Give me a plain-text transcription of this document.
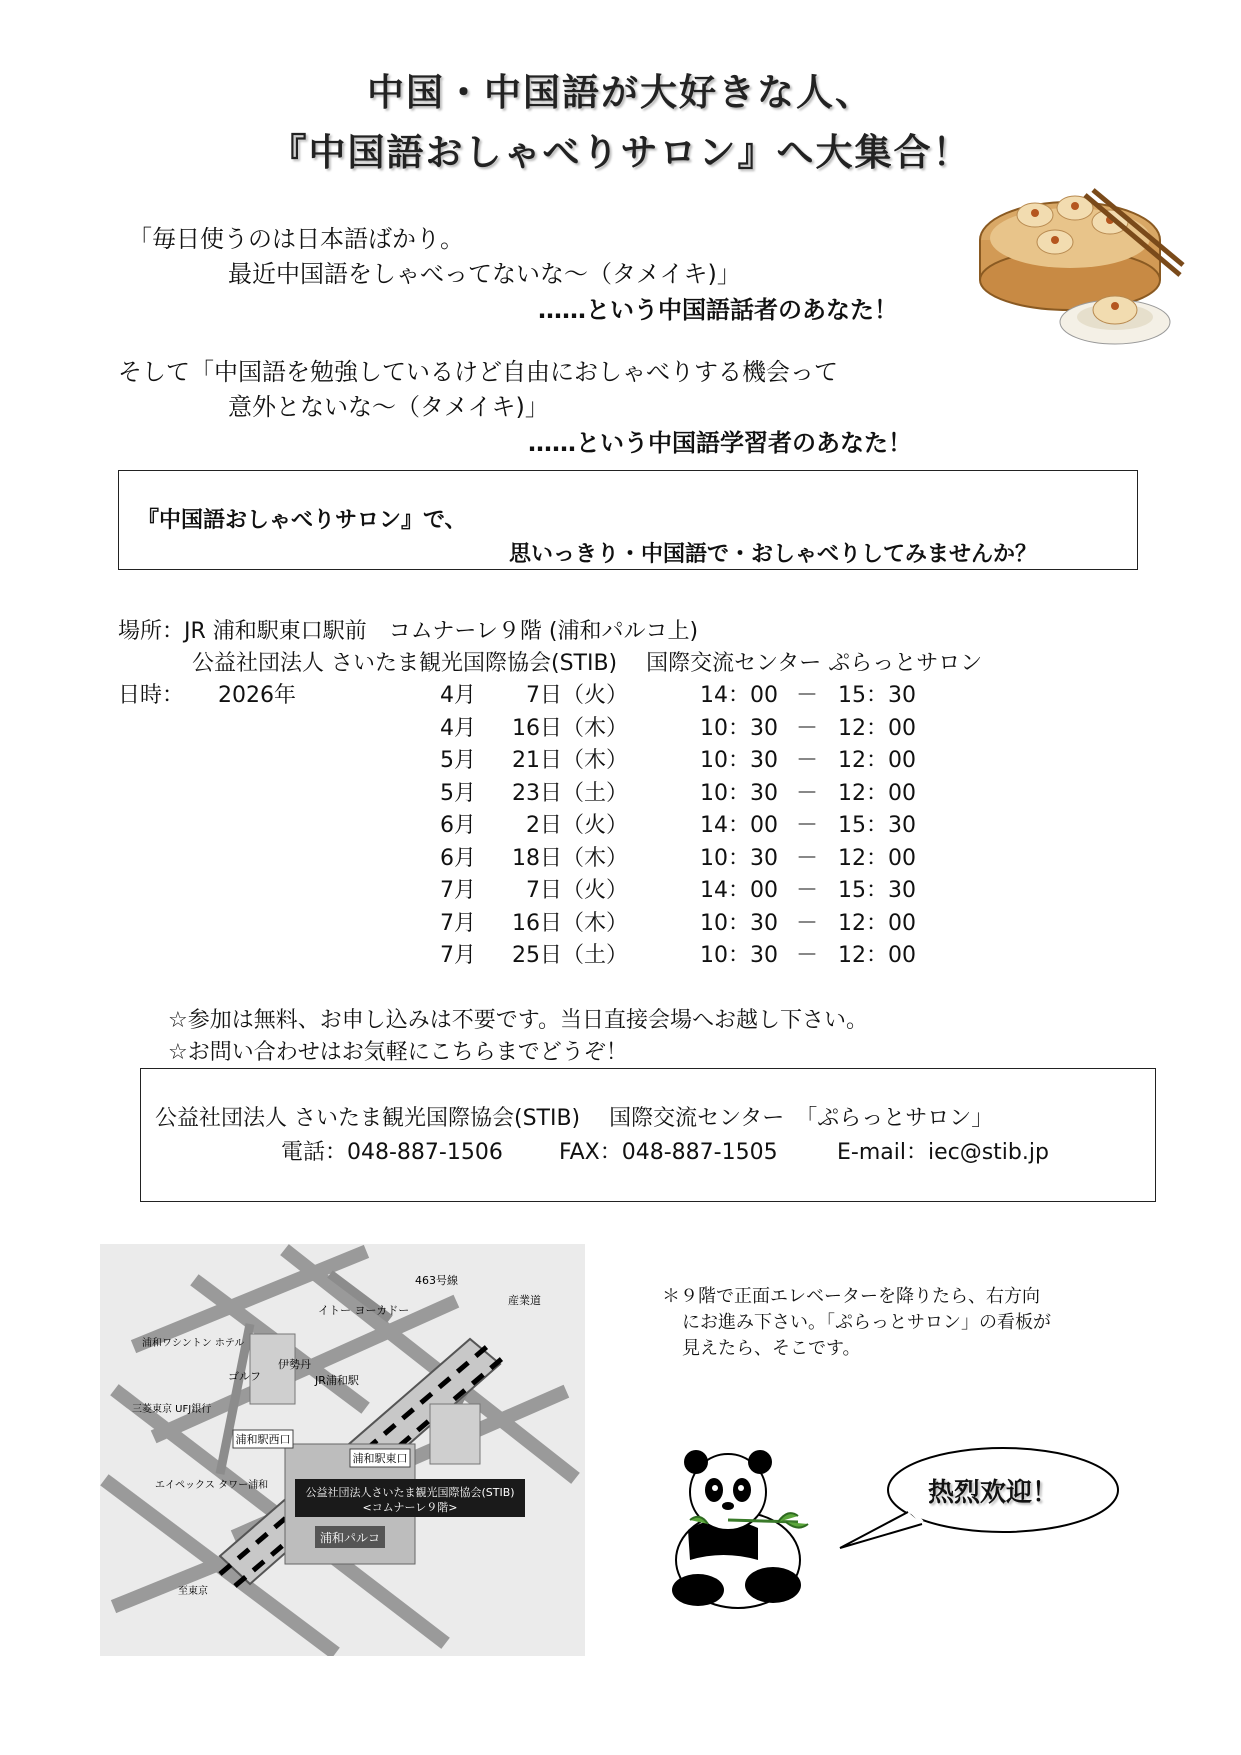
中国・中国語が大好きな人、
『中国語おしゃべりサロン』へ大集合！
「毎日使うのは日本語ばかり。
最近中国語をしゃべってないな～（タメイキ)」
……という中国語話者のあなた！
そして「中国語を勉強しているけど自由におしゃべりする機会って
意外とないな～（タメイキ)」
……という中国語学習者のあなた！
『中国語おしゃべりサロン』で、
思いっきり・中国語で・おしゃべりしてみませんか？
場所：JR 浦和駅東口駅前　コムナーレ９階 (浦和パルコ上)
公益社団法人 さいたま観光国際協会(STIB)　 国際交流センター ぷらっとサロン
日時： 2026年	4月	7日 （火）	14：00 － 15：30
4月	16日 （木）	10：30 － 12：00
5月	21日 （木）	10：30 － 12：00
5月	23日 （土）	10：30 － 12：00
6月	2日 （火）	14：00 － 15：30
6月	18日 （木）	10：30 － 12：00
7月	7日 （火）	14：00 － 15：30
7月	16日 （木）	10：30 － 12：00
7月	25日 （土）	10：30 － 12：00
☆参加は無料、お申し込みは不要です。当日直接会場へお越し下さい。
☆お問い合わせはお気軽にこちらまでどうぞ！
公益社団法人 さいたま観光国際協会(STIB)　 国際交流センター　「ぷらっとサロン」
電話：048-887-1506	FAX：048-887-1505	E-mail：iec@stib.jp
公益社団法人さいたま観光国際協会(STIB)
<コムナーレ９階>
浦和パルコ
浦和駅西口
浦和駅東口
JR浦和駅
伊勢丹
ゴルフ
イトー ヨーカドー
463号線
産業道
浦和ワシントン ホテル
三菱東京 UFJ銀行
エイペックス タワー浦和
至東京
＊９階で正面エレベーターを降りたら、右方向
にお進み下さい。「ぷらっとサロン」の看板が
見えたら、そこです。
热烈欢迎！
